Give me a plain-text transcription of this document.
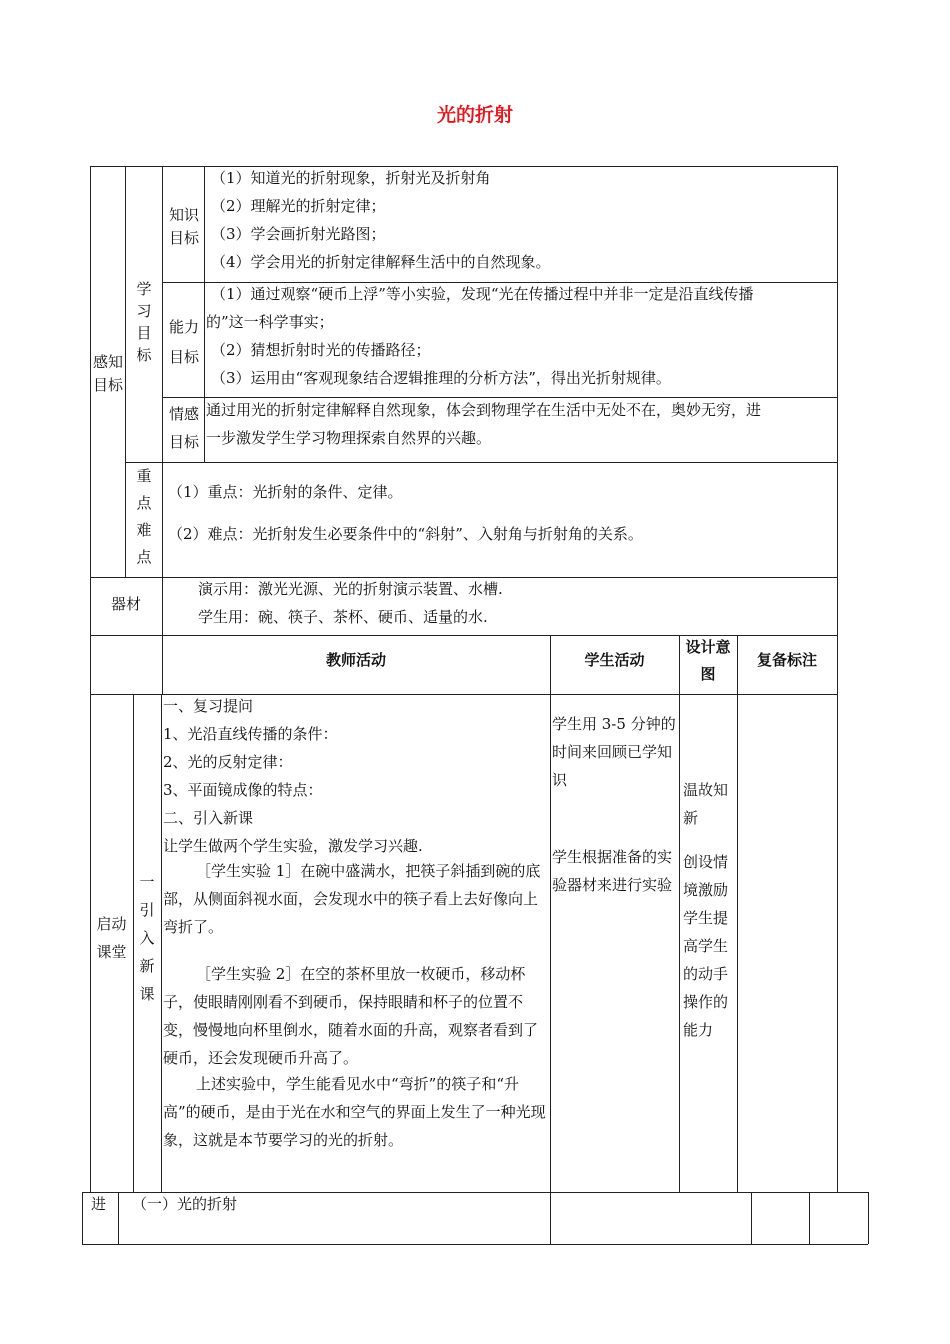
光的折射
感知目标
学习目标
知识目标
（1）知道光的折射现象，折射光及折射角
（2）理解光的折射定律；
（3）学会画折射光路图；
（4）学会用光的折射定律解释生活中的自然现象。
能力目标
（1）通过观察“硬币上浮”等小实验，发现“光在传播过程中并非一定是沿直线传播
的”这一科学事实；
（2）猜想折射时光的传播路径；
（3）运用由“客观现象结合逻辑推理的分析方法”，得出光折射规律。
情感目标
通过用光的折射定律解释自然现象，体会到物理学在生活中无处不在，奥妙无穷，进
一步激发学生学习物理探索自然界的兴趣。
重点难点
（1）重点：光折射的条件、定律。
（2）难点：光折射发生必要条件中的“斜射”、入射角与折射角的关系。
器材
演示用：激光光源、光的折射演示装置、水槽.
学生用：碗、筷子、茶杯、硬币、适量的水.
教师活动	学生活动
设计意图
复备标注
启动课堂
一引入新课
一、复习提问
1、光沿直线传播的条件：
2、光的反射定律：
3、平面镜成像的特点：
二、引入新课
让学生做两个学生实验，激发学习兴趣.
［学生实验 1］在碗中盛满水，把筷子斜插到碗的底部，从侧面斜视水面，会发现水中的筷子看上去好像向上弯折了。
［学生实验 2］在空的茶杯里放一枚硬币，移动杯子，使眼睛刚刚看不到硬币，保持眼睛和杯子的位置不变，慢慢地向杯里倒水，随着水面的升高，观察者看到了硬币，还会发现硬币升高了。
上述实验中，学生能看见水中“弯折”的筷子和“升高”的硬币，是由于光在水和空气的界面上发生了一种光现象，这就是本节要学习的光的折射。
学生用 3-5 分钟的时间来回顾已学知识
学生根据准备的实验器材来进行实验
温故知新
创设情境激励学生提高学生的动手操作的能力
进 （一）光的折射
